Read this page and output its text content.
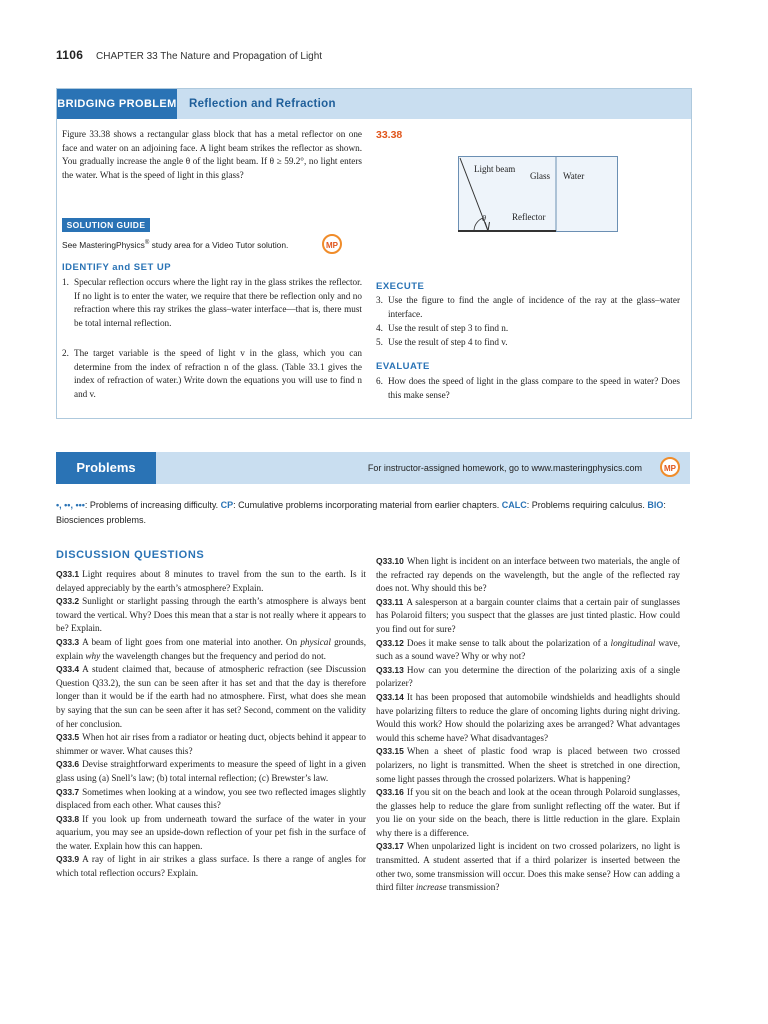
1106 CHAPTER 33 The Nature and Propagation of Light
BRIDGING PROBLEM Reflection and Refraction
Figure 33.38 shows a rectangular glass block that has a metal reflector on one face and water on an adjoining face. A light beam strikes the reflector as shown. You gradually increase the angle θ of the light beam. If θ ≥ 59.2°, no light enters the water. What is the speed of light in this glass?
33.38
Light beam
Glass Water
Reflector
θ
SOLUTION GUIDE
See MasteringPhysics® study area for a Video Tutor solution.	MP
IDENTIFY and SET UP
1. Specular reflection occurs where the light ray in the glass strikes the reflector. If no light is to enter the water, we require that there be reflection only and no refraction where this ray strikes the glass–water interface—that is, there must be total internal reflection.
2. The target variable is the speed of light v in the glass, which you can determine from the index of refraction n of the glass. (Table 33.1 gives the index of refraction of water.) Write down the equations you will use to find n and v.
EXECUTE
3. Use the figure to find the angle of incidence of the ray at the glass–water interface.
4. Use the result of step 3 to find n.
5. Use the result of step 4 to find v.
EVALUATE
6. How does the speed of light in the glass compare to the speed in water? Does this make sense?
Problems	For instructor-assigned homework, go to www.masteringphysics.com	MP
•, ••, •••: Problems of increasing difficulty. CP: Cumulative problems incorporating material from earlier chapters. CALC: Problems requiring calculus. BIO: Biosciences problems.
DISCUSSION QUESTIONS

Q33.1 Light requires about 8 minutes to travel from the sun to the earth. Is it delayed appreciably by the earth’s atmosphere? Explain.

Q33.2 Sunlight or starlight passing through the earth’s atmosphere is always bent toward the vertical. Why? Does this mean that a star is not really where it appears to be? Explain.

Q33.3 A beam of light goes from one material into another. On physical grounds, explain why the wavelength changes but the frequency and period do not.

Q33.4 A student claimed that, because of atmospheric refraction (see Discussion Question Q33.2), the sun can be seen after it has set and that the day is therefore longer than it would be if the earth had no atmosphere. First, what does she mean by saying that the sun can be seen after it has set? Second, comment on the validity of her conclusion.

Q33.5 When hot air rises from a radiator or heating duct, objects behind it appear to shimmer or waver. What causes this?

Q33.6 Devise straightforward experiments to measure the speed of light in a given glass using (a) Snell’s law; (b) total internal reflection; (c) Brewster’s law.

Q33.7 Sometimes when looking at a window, you see two reflected images slightly displaced from each other. What causes this?

Q33.8 If you look up from underneath toward the surface of the water in your aquarium, you may see an upside-down reflection of your pet fish in the surface of the water. Explain how this can happen.

Q33.9 A ray of light in air strikes a glass surface. Is there a range of angles for which total reflection occurs? Explain.

Q33.10 When light is incident on an interface between two materials, the angle of the refracted ray depends on the wavelength, but the angle of the reflected ray does not. Why should this be?

Q33.11 A salesperson at a bargain counter claims that a certain pair of sunglasses has Polaroid filters; you suspect that the glasses are just tinted plastic. How could you find out for sure?

Q33.12 Does it make sense to talk about the polarization of a longitudinal wave, such as a sound wave? Why or why not?

Q33.13 How can you determine the direction of the polarizing axis of a single polarizer?

Q33.14 It has been proposed that automobile windshields and headlights should have polarizing filters to reduce the glare of oncoming lights during night driving. Would this work? How should the polarizing axes be arranged? What advantages would this scheme have? What disadvantages?

Q33.15 When a sheet of plastic food wrap is placed between two crossed polarizers, no light is transmitted. When the sheet is stretched in one direction, some light passes through the crossed polarizers. What is happening?

Q33.16 If you sit on the beach and look at the ocean through Polaroid sunglasses, the glasses help to reduce the glare from sunlight reflecting off the water. But if you lie on your side on the beach, there is little reduction in the glare. Explain why there is a difference.

Q33.17 When unpolarized light is incident on two crossed polarizers, no light is transmitted. A student asserted that if a third polarizer is inserted between the other two, some transmission will occur. Does this make sense? How can adding a third filter increase transmission?
